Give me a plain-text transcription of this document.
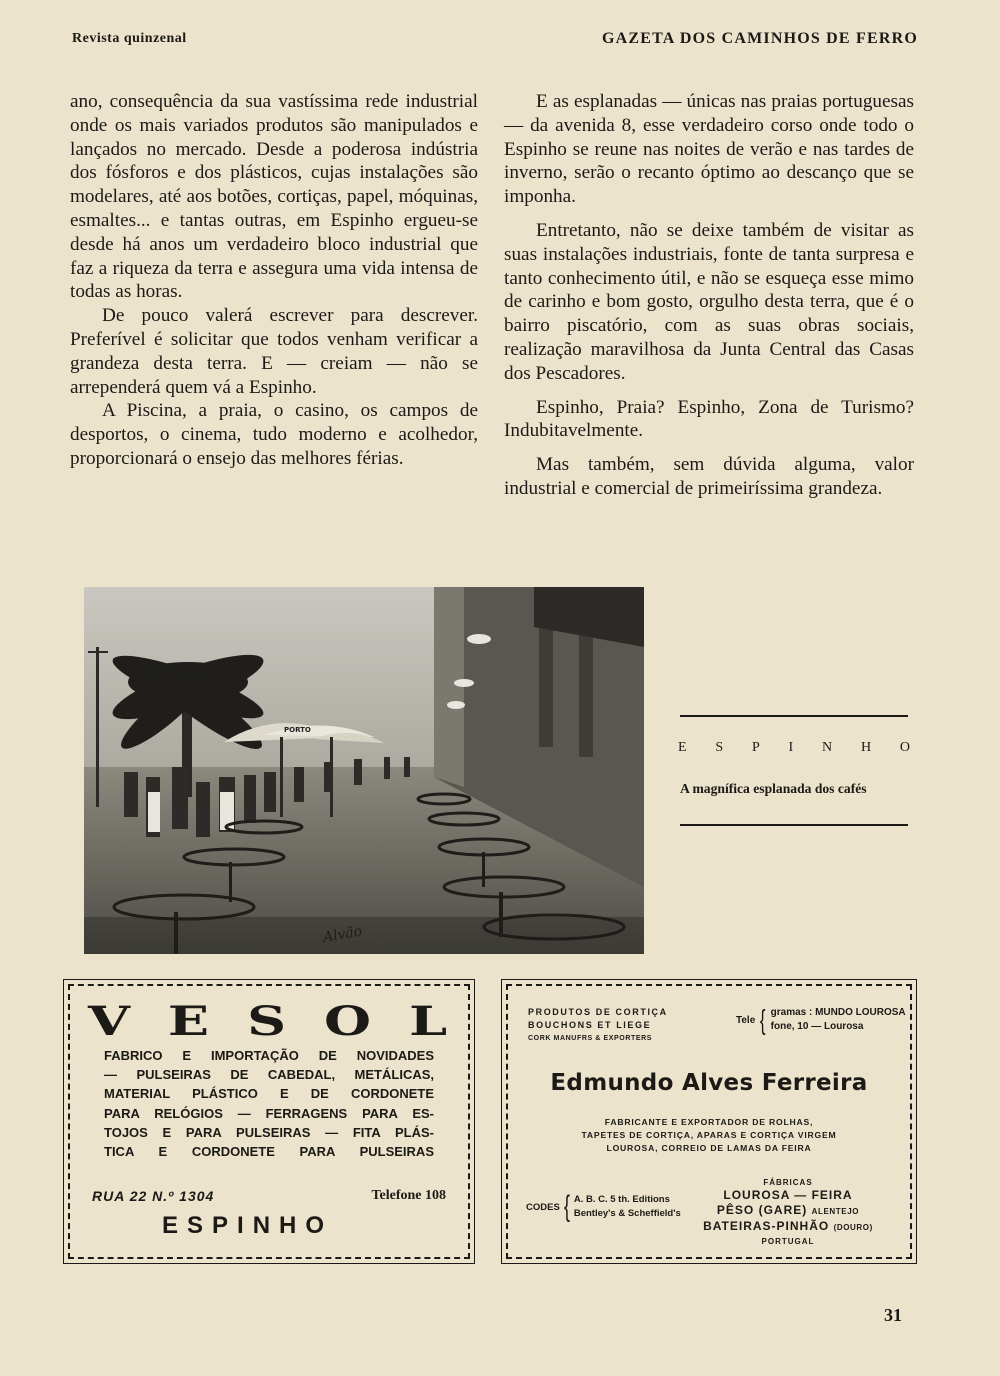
Revista quinzenal	GAZETA DOS CAMINHOS DE FERRO

ano, consequência da sua vastíssima rede industrial onde os mais variados produtos são manipulados e lançados no mercado. Desde a poderosa indústria dos fósforos e dos plásticos, cujas instalações são modelares, até aos botões, cortiças, papel, móquinas, esmaltes... e tantas outras, em Espinho ergueu-se desde há anos um verdadeiro bloco industrial que faz a riqueza da terra e assegura uma vida intensa de todas as horas.

De pouco valerá escrever para descrever. Preferível é solicitar que todos venham verificar a grandeza desta terra. E — creiam — não se arrependerá quem vá a Espinho.

A Piscina, a praia, o casino, os campos de desportos, o cinema, tudo moderno e acolhedor, proporcionará o ensejo das melhores férias.

E as esplanadas — únicas nas praias portuguesas — da avenida 8, esse verdadeiro corso onde todo o Espinho se reune nas noites de verão e nas tardes de inverno, serão o recanto óptimo ao descanço que se imponha.

Entretanto, não se deixe também de visitar as suas instalações industriais, fonte de tanta surpresa e tanto conhecimento útil, e não se esqueça esse mimo de carinho e bom gosto, orgulho desta terra, que é o bairro piscatório, com as suas obras sociais, realização maravilhosa da Junta Central das Casas dos Pescadores.

Espinho, Praia? Espinho, Zona de Turismo? Indubitavelmente.

Mas também, sem dúvida alguma, valor industrial e comercial de primeiríssima grandeza.

PORTO
Alvão
E S P I N H O
A magnífica esplanada dos cafés
V E S O L
FABRICO E IMPORTAÇÃO DE NOVIDADES
— PULSEIRAS DE CABEDAL, METÁLICAS,
MATERIAL PLÁSTICO E DE CORDONETE
PARA RELÓGIOS — FERRAGENS PARA ES-
TOJOS E PARA PULSEIRAS — FITA PLÁS-
TICA E CORDONETE PARA PULSEIRAS
RUA 22 N.º 1304	Telefone 108
ESPINHO
PRODUTOS DE CORTIÇA
BOUCHONS ET LIEGE
CORK MANUFRS & EXPORTERS
Tele { gramas : MUNDO LOUROSA
fone, 10 — Lourosa
Edmundo Alves Ferreira
FABRICANTE E EXPORTADOR DE ROLHAS,
TAPETES DE CORTIÇA, APARAS E CORTIÇA VIRGEM
LOUROSA, CORREIO DE LAMAS DA FEIRA
CODES { A. B. C. 5 th. Editions
Bentley's & Scheffield's
FÁBRICAS
LOUROSA — FEIRA
PÊSO (GARE) ALENTEJO
BATEIRAS-PINHÃO (DOURO)
PORTUGAL
31
